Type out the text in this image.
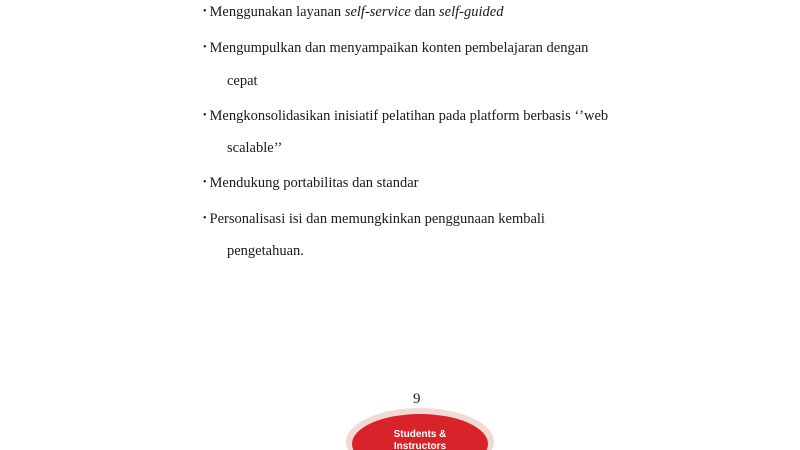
• Menggunakan layanan self-service dan self-guided
• Mengumpulkan dan menyampaikan konten pembelajaran dengan
cepat
• Mengkonsolidasikan inisiatif pelatihan pada platform berbasis ‘’web
scalable’’
• Mendukung portabilitas dan standar
• Personalisasi isi dan memungkinkan penggunaan kembali
pengetahuan.
9
Students &
Instructors
